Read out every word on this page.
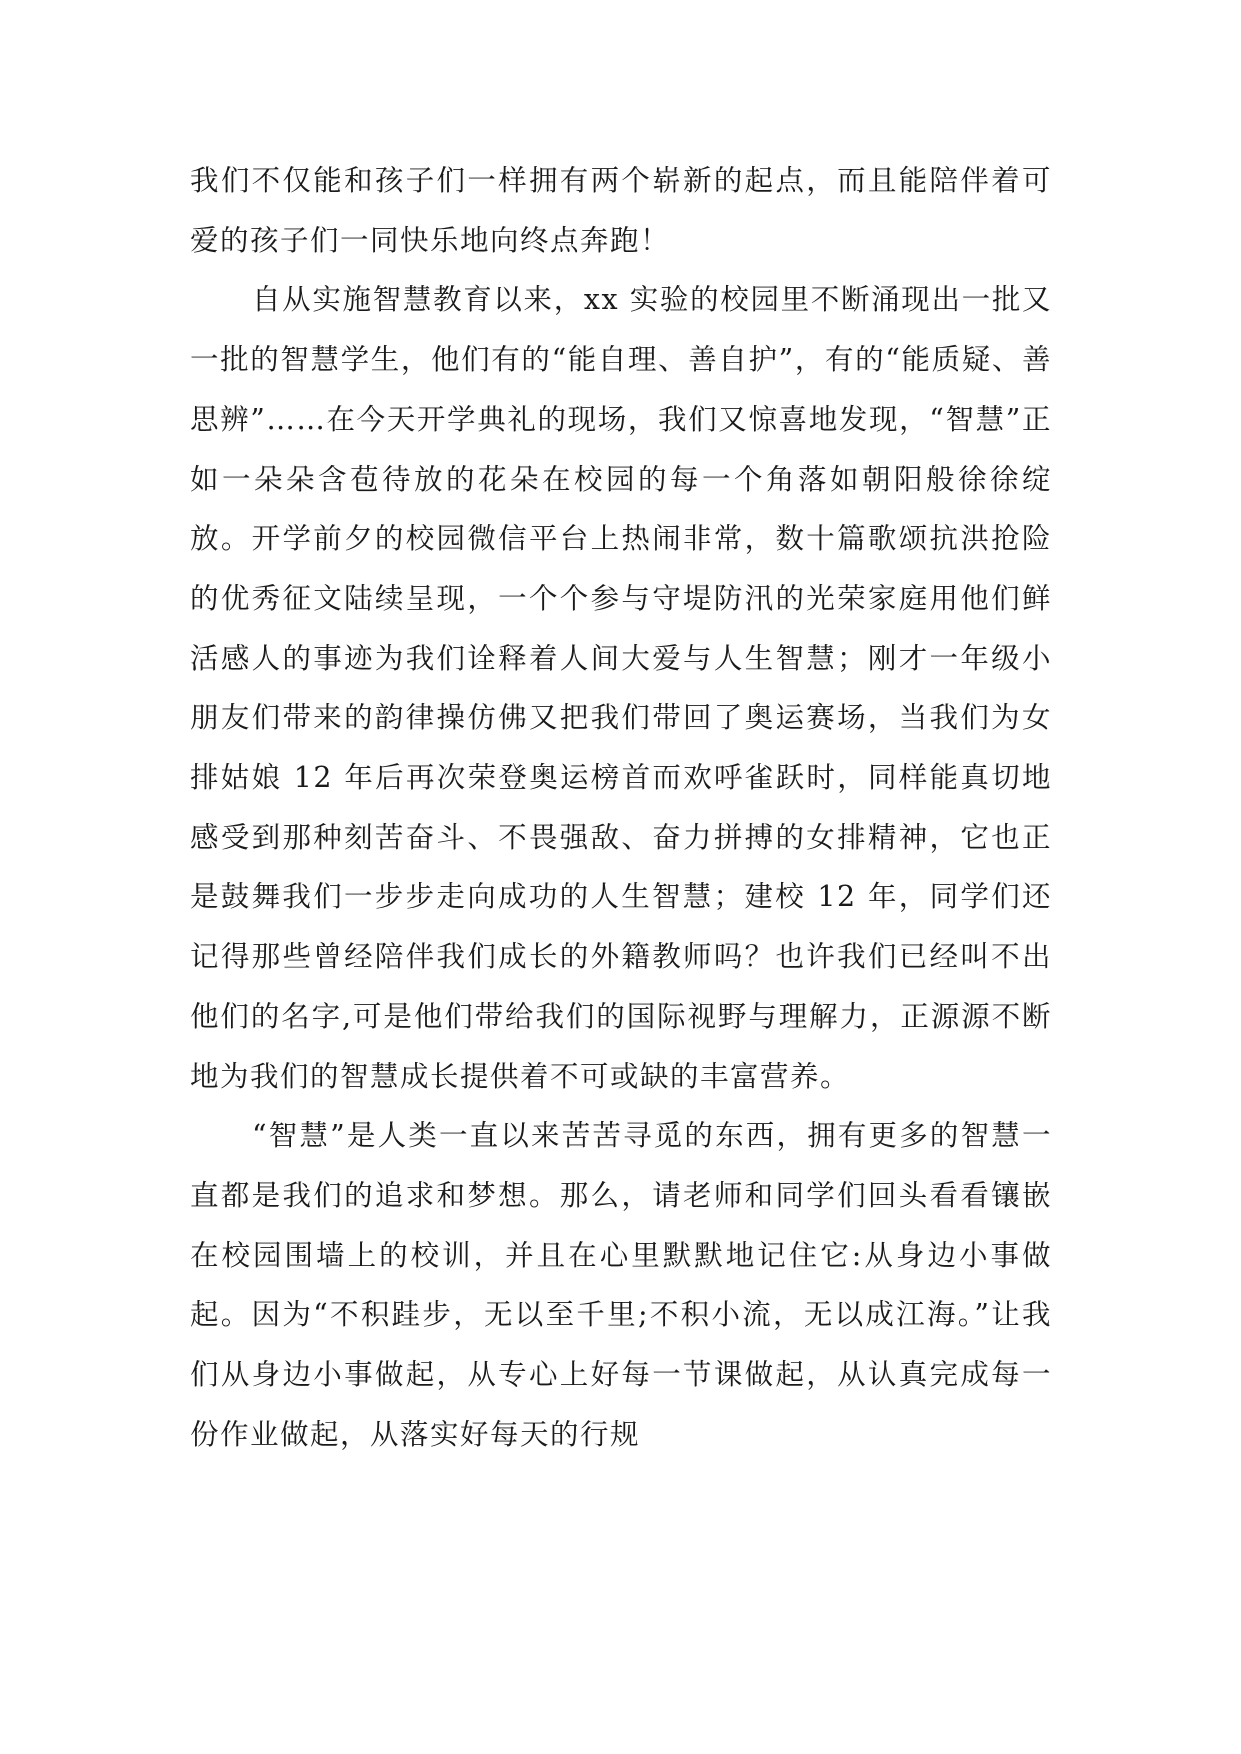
我们不仅能和孩子们一样拥有两个崭新的起点，而且能陪伴着可爱的孩子们一同快乐地向终点奔跑！

自从实施智慧教育以来，xx 实验的校园里不断涌现出一批又一批的智慧学生，他们有的“能自理、善自护”，有的“能质疑、善思辨”……在今天开学典礼的现场，我们又惊喜地发现，“智慧”正如一朵朵含苞待放的花朵在校园的每一个角落如朝阳般徐徐绽放。开学前夕的校园微信平台上热闹非常，数十篇歌颂抗洪抢险的优秀征文陆续呈现，一个个参与守堤防汛的光荣家庭用他们鲜活感人的事迹为我们诠释着人间大爱与人生智慧；刚才一年级小朋友们带来的韵律操仿佛又把我们带回了奥运赛场，当我们为女排姑娘 12 年后再次荣登奥运榜首而欢呼雀跃时，同样能真切地感受到那种刻苦奋斗、不畏强敌、奋力拼搏的女排精神，它也正是鼓舞我们一步步走向成功的人生智慧；建校 12 年，同学们还记得那些曾经陪伴我们成长的外籍教师吗？也许我们已经叫不出他们的名字,可是他们带给我们的国际视野与理解力，正源源不断地为我们的智慧成长提供着不可或缺的丰富营养。

“智慧”是人类一直以来苦苦寻觅的东西，拥有更多的智慧一直都是我们的追求和梦想。那么，请老师和同学们回头看看镶嵌在校园围墙上的校训，并且在心里默默地记住它:从身边小事做起。因为“不积跬步，无以至千里;不积小流，无以成江海。”让我们从身边小事做起，从专心上好每一节课做起，从认真完成每一份作业做起，从落实好每天的行规
